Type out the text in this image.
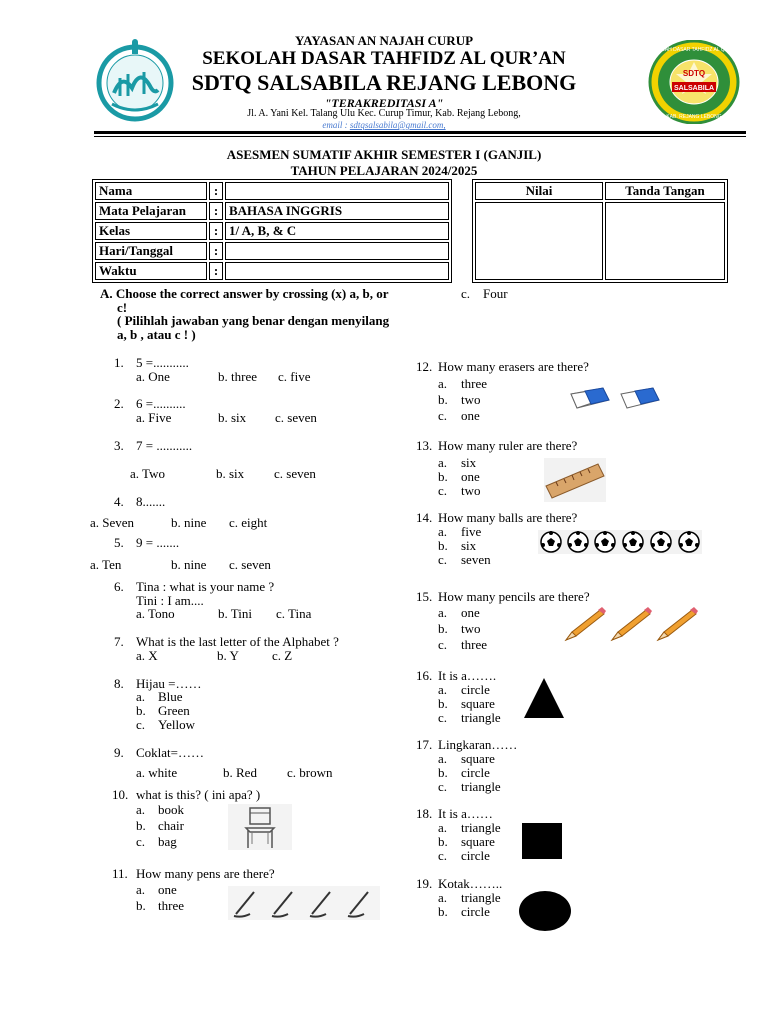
SDTQ
SALSABILA
SEKOLAH DASAR TAHFIDZ AL QUR'AN
KAB. REJANG LEBONG
YAYASAN AN NAJAH CURUP
SEKOLAH DASAR TAHFIDZ AL QUR’AN
SDTQ SALSABILA REJANG LEBONG
"TERAKREDITASI A"
Jl. A. Yani Kel. Talang Ulu Kec. Curup Timur, Kab. Rejang Lebong,
email : sdtqsalsabila@gmail.com,
ASESMEN SUMATIF AKHIR SEMESTER I (GANJIL)
TAHUN PELAJARAN 2024/2025
Nama	:	
Mata Pelajaran	:	BAHASA INGGRIS
Kelas	:	1/ A, B, & C
Hari/Tanggal	:	
Waktu	:	
Nilai	Tanda Tangan

A. Choose the correct answer by crossing (x) a, b, or
c!
( Pilihlah jawaban yang benar dengan menyilang
a, b , atau c ! )
1. 5 =...........
a. One	b. three c. five
2. 6 =..........
a. Five	b. six c. seven
3. 7 = ...........
a. Two	b. six c. seven
4. 8.......
a. Seven	b. nine c. eight
5. 9 = .......
a. Ten	b. nine c. seven
6. Tina : what is your name ?
Tini : I am....
a. Tono	b. Tini c. Tina
7. What is the last letter of the Alphabet ?
a. X	b. Y	c. Z
8. Hijau =……
a. Blue
b. Green
c. Yellow
9. Coklat=……
a. white	b. Red c. brown
10. what is this? ( ini apa? )
a. book
b. chair
c. bag
11. How many pens are there?
a. one
b. three
c. Four
12. How many erasers are there?
a. three
b. two
c. one
13. How many ruler are there?
a. six
b. one
c. two
14. How many balls are there?
a. five
b. six
c. seven
15. How many pencils are there?
a. one
b. two
c. three
16. It is a…….
a. circle
b. square
c. triangle
17. Lingkaran……
a. square
b. circle
c. triangle
18. It is a……
a. triangle
b. square
c. circle
19. Kotak……..
a. triangle
b. circle
